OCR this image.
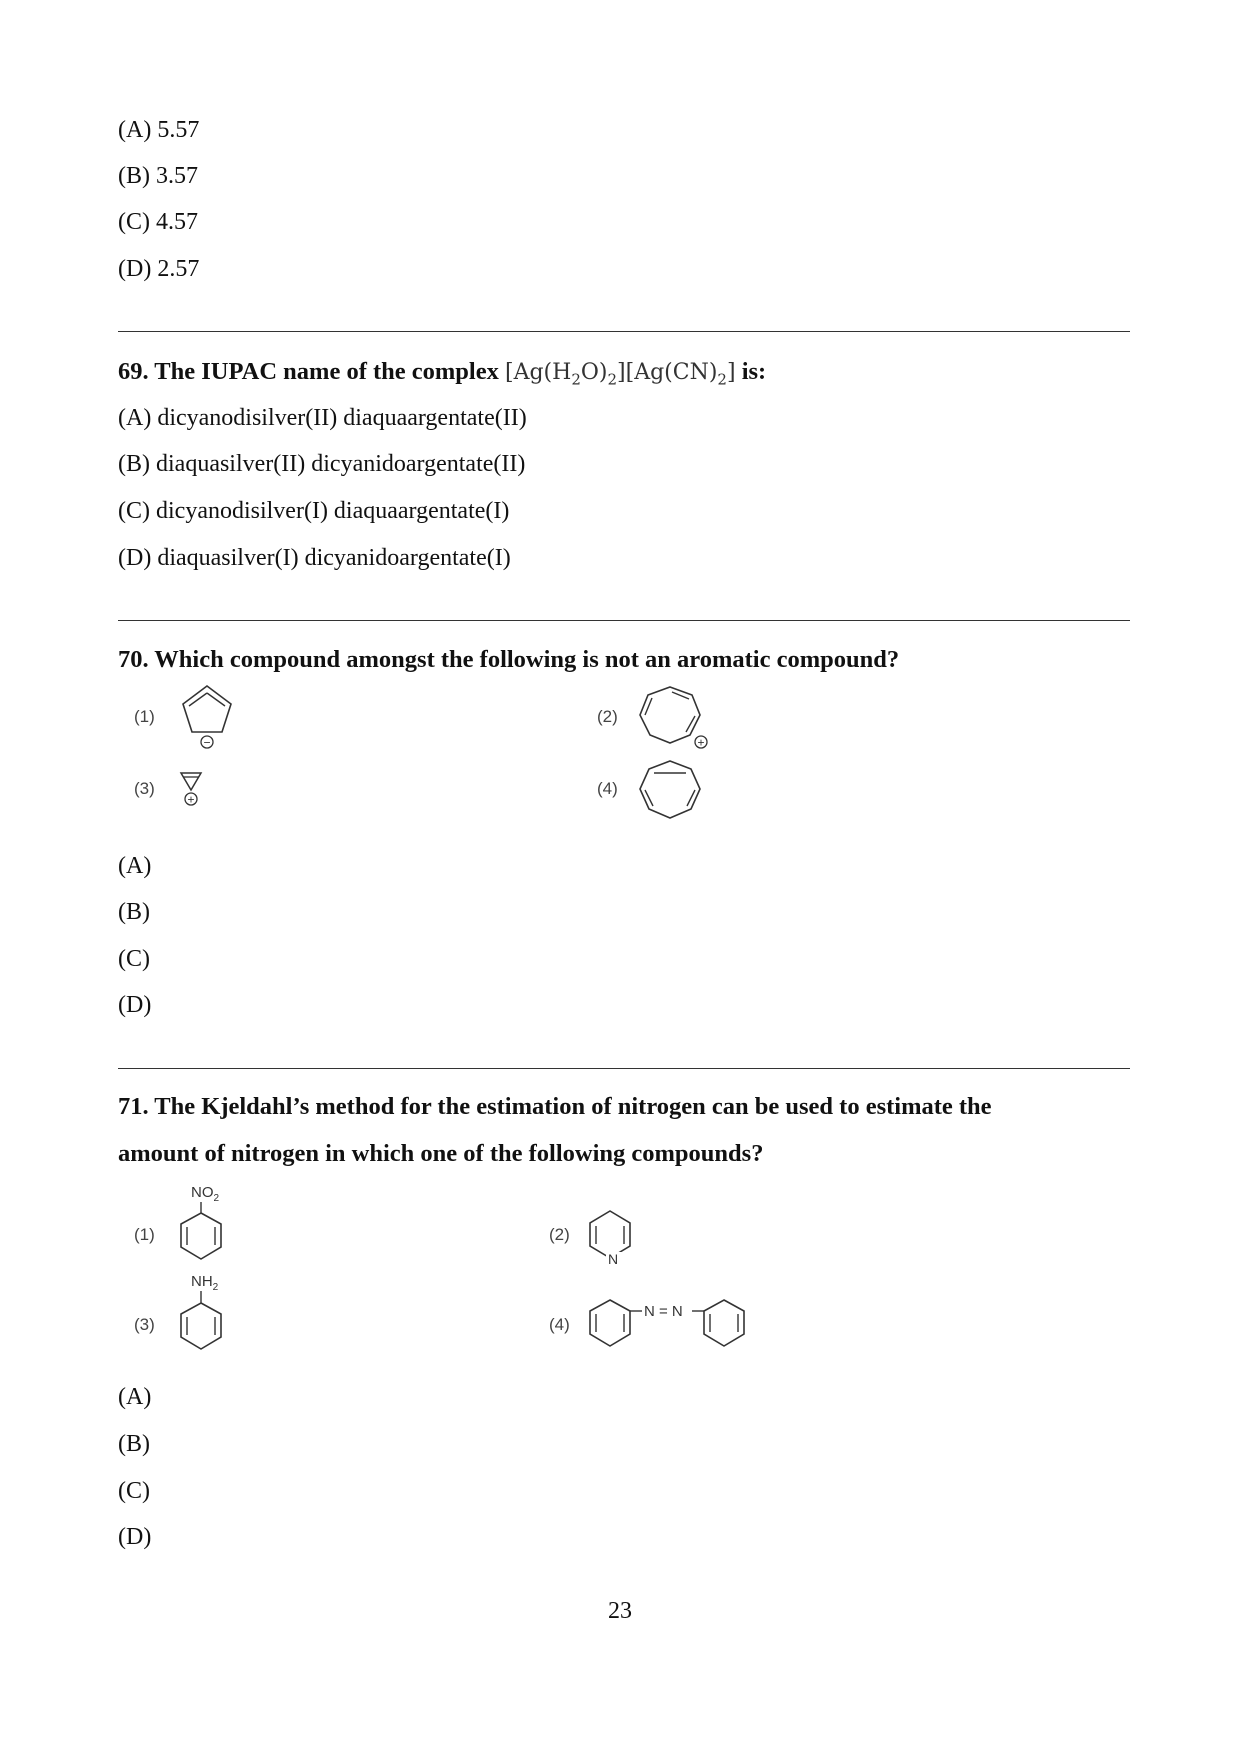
(A) 5.57
(B) 3.57
(C) 4.57
(D) 2.57
69. The IUPAC name of the complex $[Ag(H_2O)_2][Ag(CN)_2]$ is:
(A) dicyanodisilver(II) diaquaargentate(II)
(B) diaquasilver(II) dicyanidoargentate(II)
(C) dicyanodisilver(I) diaquaargentate(I)
(D) diaquasilver(I) dicyanidoargentate(I)
70. Which compound amongst the following is not an aromatic compound?
(1)
−
(2)
+
(3)
+
(4)
(A)
(B)
(C)
(D)
71. The Kjeldahl’s method for the estimation of nitrogen can be used to estimate the
amount of nitrogen in which one of the following compounds?
(1)
$NO_2$
(2)
N
(3)
$NH_2$
(4)
N = N
(A)
(B)
(C)
(D)
23
